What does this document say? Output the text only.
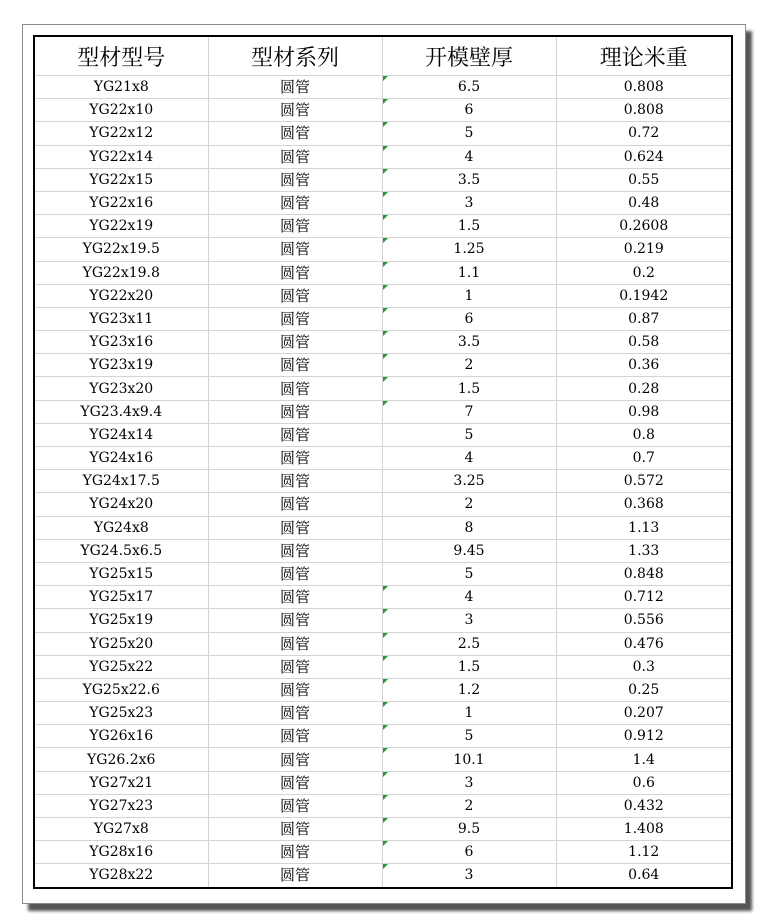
型材型号	型材系列	开模壁厚	理论米重
YG21x8	圆管	6.5	0.808
YG22x10	圆管	6	0.808
YG22x12	圆管	5	0.72
YG22x14	圆管	4	0.624
YG22x15	圆管	3.5	0.55
YG22x16	圆管	3	0.48
YG22x19	圆管	1.5	0.2608
YG22x19.5	圆管	1.25	0.219
YG22x19.8	圆管	1.1	0.2
YG22x20	圆管	1	0.1942
YG23x11	圆管	6	0.87
YG23x16	圆管	3.5	0.58
YG23x19	圆管	2	0.36
YG23x20	圆管	1.5	0.28
YG23.4x9.4	圆管	7	0.98
YG24x14	圆管	5	0.8
YG24x16	圆管	4	0.7
YG24x17.5	圆管	3.25	0.572
YG24x20	圆管	2	0.368
YG24x8	圆管	8	1.13
YG24.5x6.5	圆管	9.45	1.33
YG25x15	圆管	5	0.848
YG25x17	圆管	4	0.712
YG25x19	圆管	3	0.556
YG25x20	圆管	2.5	0.476
YG25x22	圆管	1.5	0.3
YG25x22.6	圆管	1.2	0.25
YG25x23	圆管	1	0.207
YG26x16	圆管	5	0.912
YG26.2x6	圆管	10.1	1.4
YG27x21	圆管	3	0.6
YG27x23	圆管	2	0.432
YG27x8	圆管	9.5	1.408
YG28x16	圆管	6	1.12
YG28x22	圆管	3	0.64
